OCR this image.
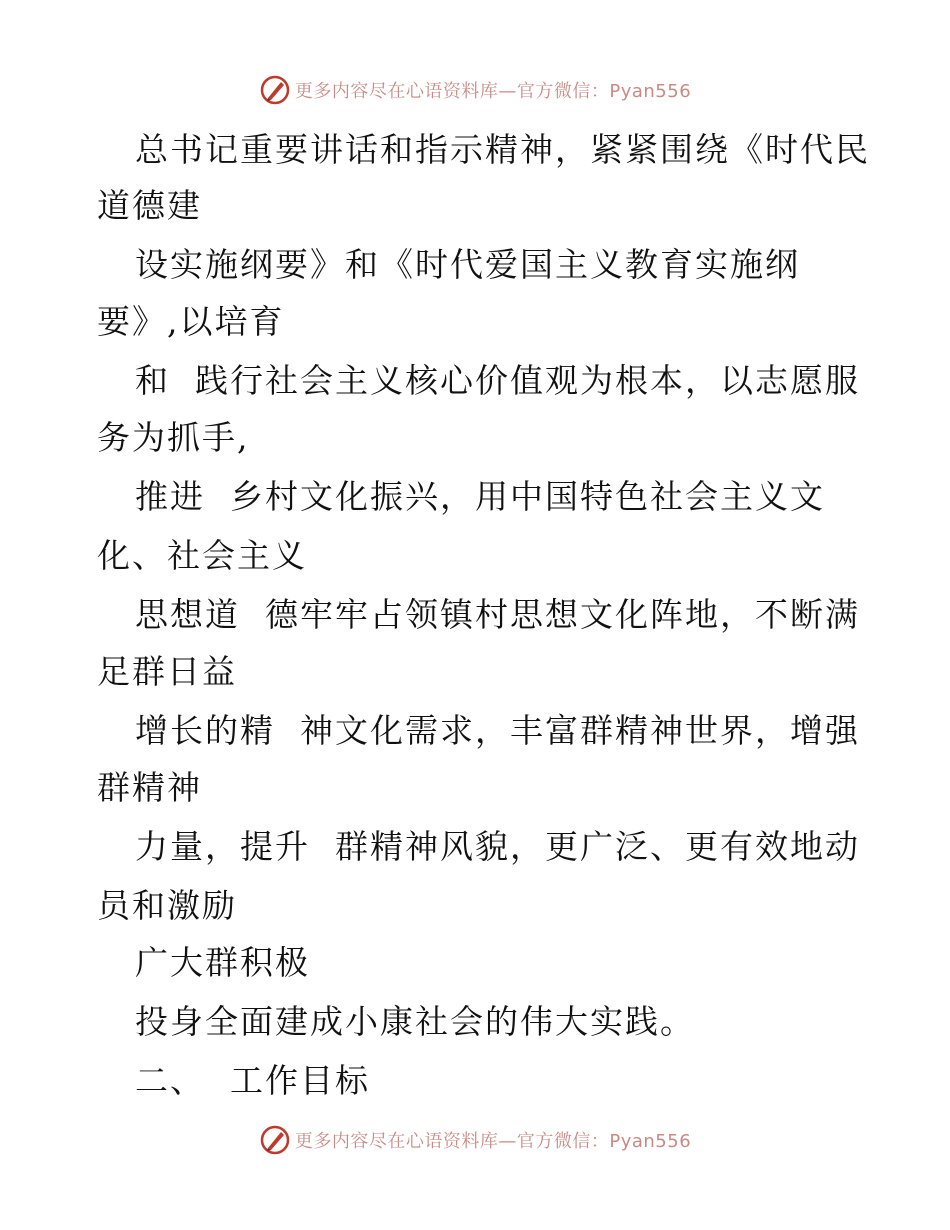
更多内容尽在心语资料库—官方微信：Pyan556
总书记重要讲话和指示精神，紧紧围绕《时代民
道德建
设实施纲要》和《时代爱国主义教育实施纲
要》,以培育
和  践行社会主义核心价值观为根本，以志愿服
务为抓手,
推进  乡村文化振兴，用中国特色社会主义文
化、社会主义
思想道  德牢牢占领镇村思想文化阵地，不断满
足群日益
增长的精  神文化需求，丰富群精神世界，增强
群精神
力量，提升  群精神风貌，更广泛、更有效地动
员和激励
广大群积极
投身全面建成小康社会的伟大实践。
二、  工作目标
更多内容尽在心语资料库—官方微信：Pyan556
